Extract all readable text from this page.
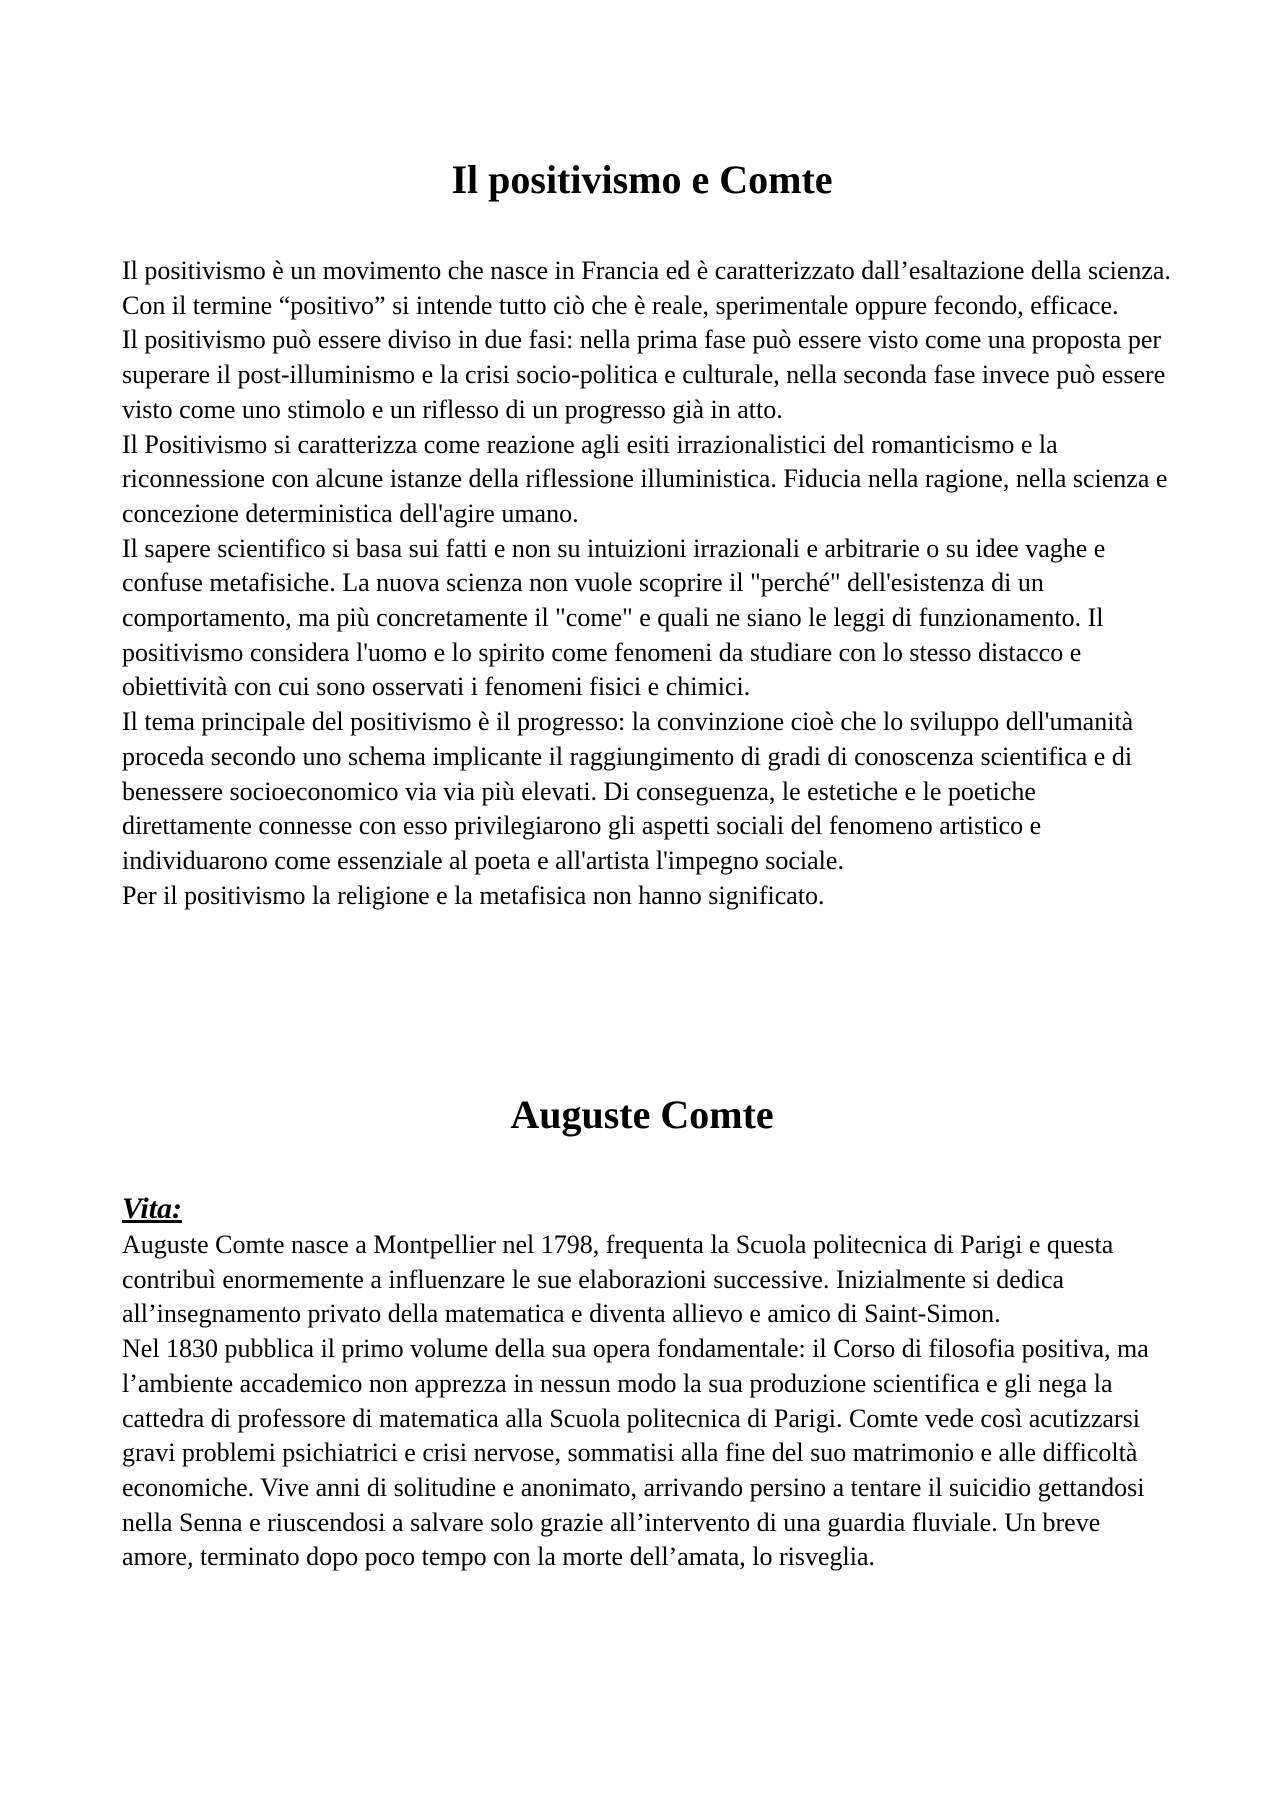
Il positivismo e Comte

Il positivismo è un movimento che nasce in Francia ed è caratterizzato dall’esaltazione della scienza. Con il termine “positivo” si intende tutto ciò che è reale, sperimentale oppure fecondo, efficace.

Il positivismo può essere diviso in due fasi: nella prima fase può essere visto come una proposta per superare il post-illuminismo e la crisi socio-politica e culturale, nella seconda fase invece può essere visto come uno stimolo e un riflesso di un progresso già in atto.

Il Positivismo si caratterizza come reazione agli esiti irrazionalistici del romanticismo e la riconnessione con alcune istanze della riflessione illuministica. Fiducia nella ragione, nella scienza e concezione deterministica dell'agire umano.

Il sapere scientifico si basa sui fatti e non su intuizioni irrazionali e arbitrarie o su idee vaghe e confuse metafisiche. La nuova scienza non vuole scoprire il "perché" dell'esistenza di un comportamento, ma più concretamente il "come" e quali ne siano le leggi di funzionamento. Il positivismo considera l'uomo e lo spirito come fenomeni da studiare con lo stesso distacco e obiettività con cui sono osservati i fenomeni fisici e chimici.

Il tema principale del positivismo è il progresso: la convinzione cioè che lo sviluppo dell'umanità proceda secondo uno schema implicante il raggiungimento di gradi di conoscenza scientifica e di benessere socioeconomico via via più elevati. Di conseguenza, le estetiche e le poetiche direttamente connesse con esso privilegiarono gli aspetti sociali del fenomeno artistico e individuarono come essenziale al poeta e all'artista l'impegno sociale.

Per il positivismo la religione e la metafisica non hanno significato.

Auguste Comte
Vita:

Auguste Comte nasce a Montpellier nel 1798, frequenta la Scuola politecnica di Parigi e questa contribuì enormemente a influenzare le sue elaborazioni successive. Inizialmente si dedica all’insegnamento privato della matematica e diventa allievo e amico di Saint-Simon.

Nel 1830 pubblica il primo volume della sua opera fondamentale: il Corso di filosofia positiva, ma l’ambiente accademico non apprezza in nessun modo la sua produzione scientifica e gli nega la cattedra di professore di matematica alla Scuola politecnica di Parigi. Comte vede così acutizzarsi gravi problemi psichiatrici e crisi nervose, sommatisi alla fine del suo matrimonio e alle difficoltà economiche. Vive anni di solitudine e anonimato, arrivando persino a tentare il suicidio gettandosi nella Senna e riuscendosi a salvare solo grazie all’intervento di una guardia fluviale. Un breve amore, terminato dopo poco tempo con la morte dell’amata, lo risveglia.
